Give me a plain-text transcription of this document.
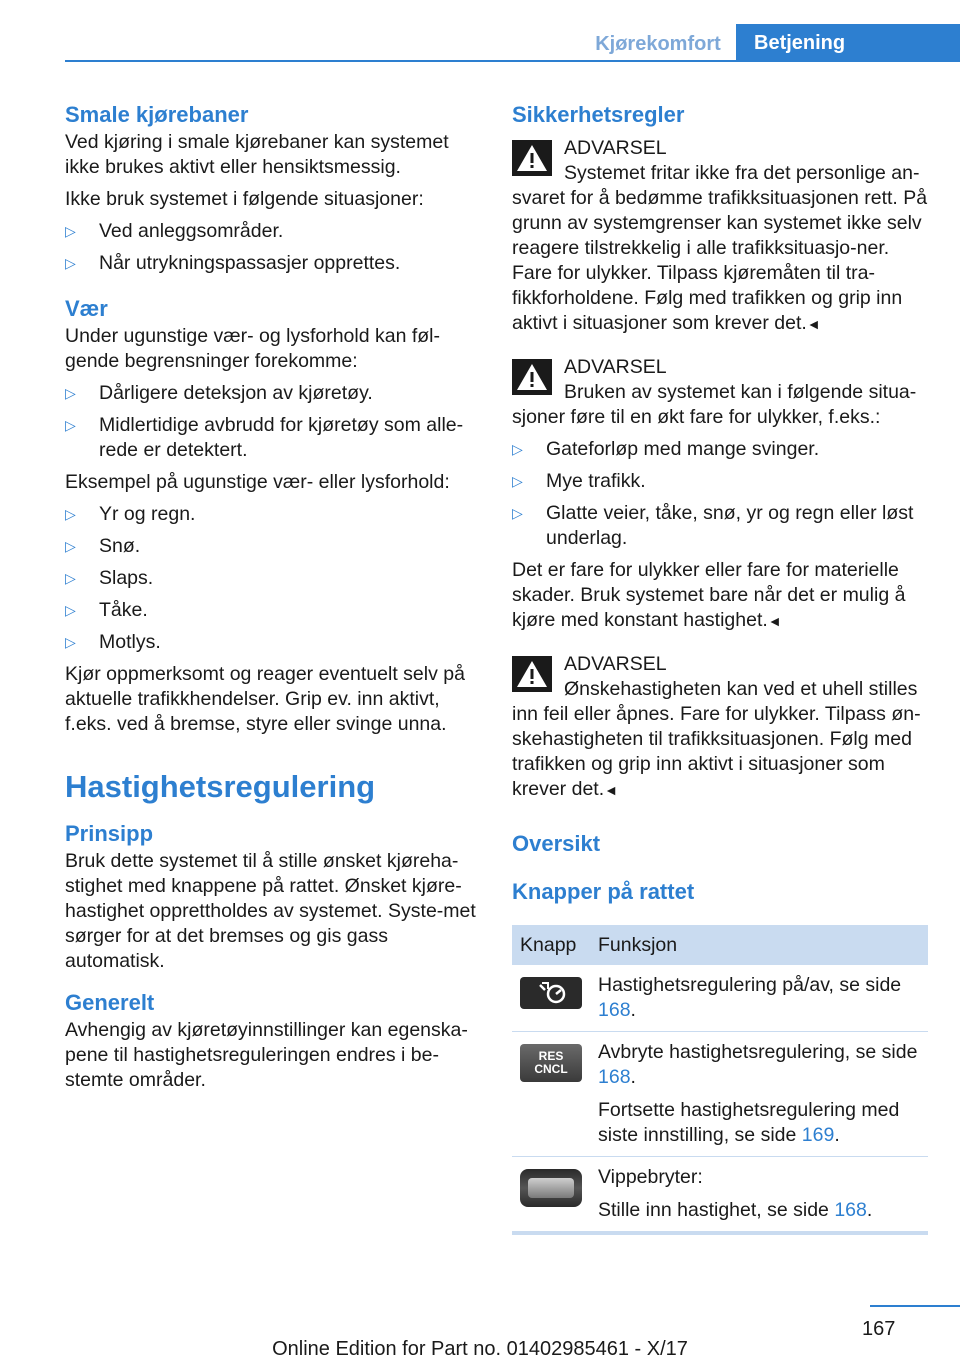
Kjørekomfort	Betjening
Smale kjørebaner

Ved kjøring i smale kjørebaner kan systemet ikke brukes aktivt eller hensiktsmessig.

Ikke bruk systemet i følgende situasjoner:

▷ Ved anleggsområder.
▷ Når utrykningspassasjer opprettes.
Vær

Under ugunstige vær- og lysforhold kan føl‐gende begrensninger forekomme:

▷ Dårligere deteksjon av kjøretøy.
▷ Midlertidige avbrudd for kjøretøy som alle‐rede er detektert.

Eksempel på ugunstige vær- eller lysforhold:

▷ Yr og regn.
▷ Snø.
▷ Slaps.
▷ Tåke.
▷ Motlys.

Kjør oppmerksomt og reager eventuelt selv på aktuelle trafikkhendelser. Grip ev. inn aktivt, f.eks. ved å bremse, styre eller svinge unna.

Hastighetsregulering
Prinsipp

Bruk dette systemet til å stille ønsket kjøreha‐stighet med knappene på rattet. Ønsket kjøre‐hastighet opprettholdes av systemet. Syste‐met sørger for at det bremses og gis gass automatisk.

Generelt

Avhengig av kjøretøyinnstillinger kan egenska‐pene til hastighetsreguleringen endres i be‐stemte områder.

Sikkerhetsregler
ADVARSEL
Systemet fritar ikke fra det personlige an‐svaret for å bedømme trafikksituasjonen rett. På grunn av systemgrenser kan systemet ikke selv reagere tilstrekkelig i alle trafikksituasjo‐ner. Fare for ulykker. Tilpass kjøremåten til tra‐fikkforholdene. Følg med trafikken og grip inn aktivt i situasjoner som krever det.◄
ADVARSEL
Bruken av systemet kan i følgende situa‐sjoner føre til en økt fare for ulykker, f.eks.:
▷ Gateforløp med mange svinger.
▷ Mye trafikk.
▷ Glatte veier, tåke, snø, yr og regn eller løst underlag.

Det er fare for ulykker eller fare for materielle skader. Bruk systemet bare når det er mulig å kjøre med konstant hastighet.◄

ADVARSEL
Ønskehastigheten kan ved et uhell stilles inn feil eller åpnes. Fare for ulykker. Tilpass øn‐skehastigheten til trafikksituasjonen. Følg med trafikken og grip inn aktivt i situasjoner som krever det.◄
Oversikt
Knapper på rattet
Knapp	Funksjon

	Hastighetsregulering på/av, se side 168.

RES CNCL	Avbryte hastighetsregulering, se side 168.

Fortsette hastighetsregulering med siste innstilling, se side 169.

	Vippebryter:

Stille inn hastighet, se side 168.

167
Online Edition for Part no. 01402985461 - X/17
